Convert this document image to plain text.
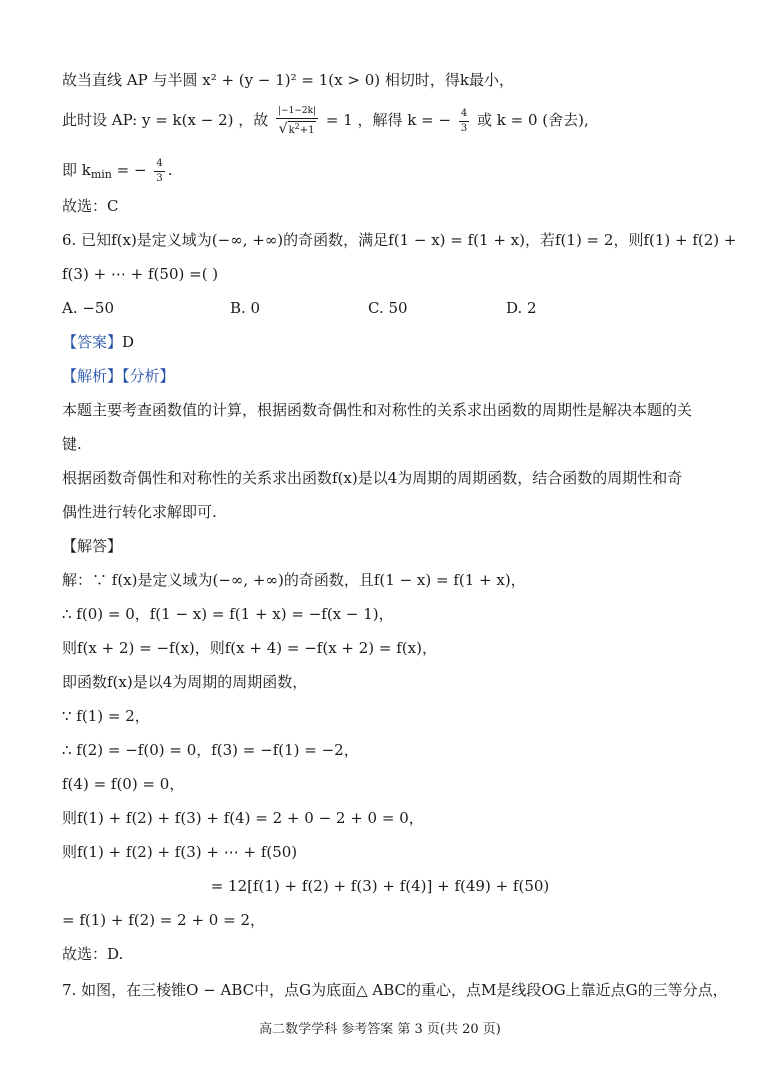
故当直线 AP 与半圆 x² + (y − 1)² = 1(x > 0) 相切时，得k最小，
此时设 AP: y = k(x − 2) ，故 $\frac{|-1-2k|}{√ k^2+1} = 1$ ，解得 k = − $\frac{4}{3}$ 或 k = 0 (舍去),
即 $k_{min}$ = − $\frac{4}{3}$ .
故选：C
6. 已知f(x)是定义域为(−∞, +∞)的奇函数，满足f(1 − x) = f(1 + x)，若f(1) = 2，则f(1) + f(2) +
f(3) + ⋯ + f(50) =( )
A. −50	B. 0	C. 50	D. 2
【答案】D
【解析】【分析】
本题主要考查函数值的计算，根据函数奇偶性和对称性的关系求出函数的周期性是解决本题的关
键.
根据函数奇偶性和对称性的关系求出函数f(x)是以4为周期的周期函数，结合函数的周期性和奇
偶性进行转化求解即可.
【解答】
解：∵ f(x)是定义域为(−∞, +∞)的奇函数，且f(1 − x) = f(1 + x)，
∴ f(0) = 0，f(1 − x) = f(1 + x) = −f(x − 1)，
则f(x + 2) = −f(x)，则f(x + 4) = −f(x + 2) = f(x)，
即函数f(x)是以4为周期的周期函数，
∵ f(1) = 2，
∴ f(2) = −f(0) = 0，f(3) = −f(1) = −2，
f(4) = f(0) = 0，
则f(1) + f(2) + f(3) + f(4) = 2 + 0 − 2 + 0 = 0，
则f(1) + f(2) + f(3) + ⋯ + f(50)
= 12[f(1) + f(2) + f(3) + f(4)] + f(49) + f(50)
= f(1) + f(2) = 2 + 0 = 2，
故选：D.
7. 如图，在三棱锥O − ABC中，点G为底面△ ABC的重心，点M是线段OG上靠近点G的三等分点，
高二数学学科 参考答案 第 3 页(共 20 页)
